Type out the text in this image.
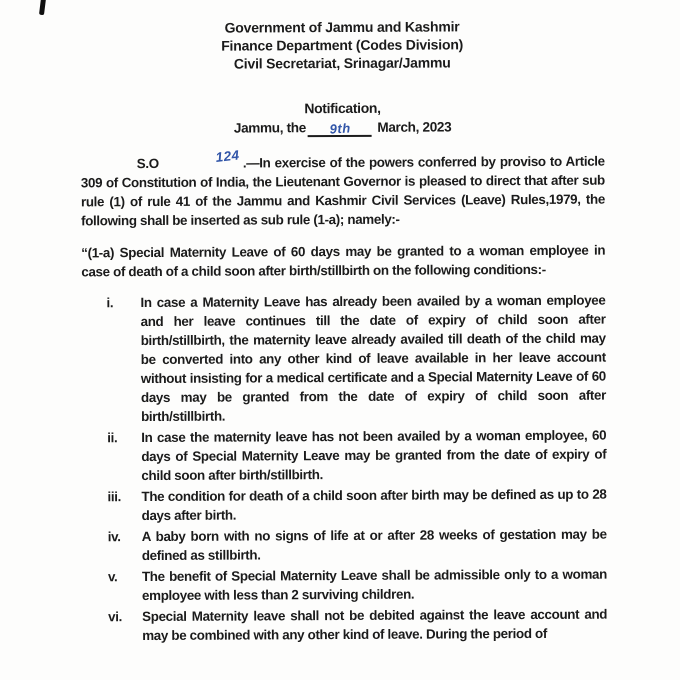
Government of Jammu and Kashmir
Finance Department (Codes Division)
Civil Secretariat, Srinagar/Jammu
Notification,
Jammu, the 9th March, 2023

S.O	124 .—In exercise of the powers conferred by proviso to Article 309 of Constitution of India, the Lieutenant Governor is pleased to direct that after sub rule (1) of rule 41 of the Jammu and Kashmir Civil Services (Leave) Rules,1979, the following shall be inserted as sub rule (1-a); namely:-

“(1-a) Special Maternity Leave of 60 days may be granted to a woman employee in case of death of a child soon after birth/stillbirth on the following conditions:-

i.	In case a Maternity Leave has already been availed by a woman employee and her leave continues till the date of expiry of child soon after birth/stillbirth, the maternity leave already availed till death of the child may be converted into any other kind of leave available in her leave account without insisting for a medical certificate and a Special Maternity Leave of 60 days may be granted from the date of expiry of child soon after birth/stillbirth.
ii.	In case the maternity leave has not been availed by a woman employee, 60 days of Special Maternity Leave may be granted from the date of expiry of child soon after birth/stillbirth.
iii.	The condition for death of a child soon after birth may be defined as up to 28 days after birth.
iv.	A baby born with no signs of life at or after 28 weeks of gestation may be defined as stillbirth.
v.	The benefit of Special Maternity Leave shall be admissible only to a woman employee with less than 2 surviving children.
vi.	Special Maternity leave shall not be debited against the leave account and may be combined with any other kind of leave. During the period of
